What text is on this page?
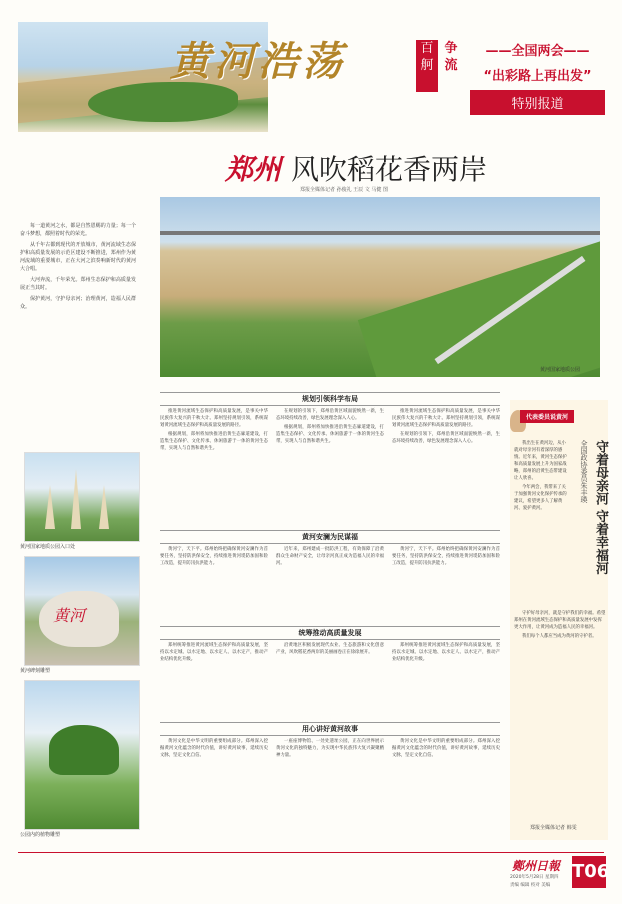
黄河浩荡	百舸
争流
——全国两会——
“出彩路上再出发”
特别报道
郑州 风吹稻花香两岸
郑报全媒体记者 孙俊礼 王辰 文 马健 图
黄河国家地质公园

每一道黄河之水，都是自然恩赐的力量；每一个奋斗梦想，都照着时代的荣光。

从千年古都到现代的开放城市，黄河流域生态保护和高质量发展的示范区建设不断推进，郑州作为黄河流域的重要城市，正在大河之滨奏响新时代的黄河大合唱。

大河奔流，千年荣光。郑州生态保护和高质量发展正当其时。

保护黄河，守护母亲河；治理黄河，造福人民群众。

黄河国家地质公园入口处
黄河
黄河碑刻雕塑
公园内的植物雕塑
规划引领科学布局

推进黄河流域生态保护和高质量发展，是事关中华民族伟大复兴的千秋大计。郑州坚持规划引领，系统谋划黄河流域生态保护和高质量发展的路径。

根据规划，郑州将加快推进沿黄生态廊道建设，打造集生态保护、文化传承、休闲旅游于一体的黄河生态带，实现人与自然和谐共生。

在规划的引领下，郑州沿黄区域面貌焕然一新，生态环境持续改善，绿色发展理念深入人心。

根据规划，郑州将加快推进沿黄生态廊道建设，打造集生态保护、文化传承、休闲旅游于一体的黄河生态带，实现人与自然和谐共生。

推进黄河流域生态保护和高质量发展，是事关中华民族伟大复兴的千秋大计。郑州坚持规划引领，系统谋划黄河流域生态保护和高质量发展的路径。

在规划的引领下，郑州沿黄区域面貌焕然一新，生态环境持续改善，绿色发展理念深入人心。

黄河安澜为民谋福

黄河宁，天下平。郑州始终把确保黄河安澜作为首要任务，坚持防洪保安全，持续推进黄河堤防加固和险工改造，提升防汛抗洪能力。

近年来，郑州建成一批防洪工程，有效保障了沿黄群众生命财产安全，让母亲河真正成为造福人民的幸福河。

黄河宁，天下平。郑州始终把确保黄河安澜作为首要任务，坚持防洪保安全，持续推进黄河堤防加固和险工改造，提升防汛抗洪能力。

统筹推动高质量发展

郑州统筹推进黄河流域生态保护和高质量发展，坚持以水定城、以水定地、以水定人、以水定产，推动产业结构优化升级。

沿黄地区积极发展现代农业、生态旅游和文化创意产业，风吹稻花香两岸的美丽画卷正在徐徐展开。

郑州统筹推进黄河流域生态保护和高质量发展，坚持以水定城、以水定地、以水定人、以水定产，推动产业结构优化升级。

用心讲好黄河故事

黄河文化是中华文明的重要组成部分。郑州深入挖掘黄河文化蕴含的时代价值，讲好黄河故事，延续历史文脉，坚定文化自信。

一座座博物馆、一处处遗址公园，正在向世界展示黄河文化的独特魅力，为实现中华民族伟大复兴凝聚精神力量。

黄河文化是中华文明的重要组成部分。郑州深入挖掘黄河文化蕴含的时代价值，讲好黄河故事，延续历史文脉，坚定文化自信。

代表委员说黄河
守着母亲河 守着幸福河
全国政协委员朱丰瑛

我出生在黄河边，从小就对母亲河有着深厚的感情。近年来，黄河生态保护和高质量发展上升为国家战略，郑州的沿黄生态带建设让人欣喜。

今年两会，我带来了关于加强黄河文化保护传承的建议，希望更多人了解黄河、爱护黄河。

守护好母亲河，就是守护我们的幸福。希望郑州在黄河流域生态保护和高质量发展中发挥更大作用，让黄河成为造福人民的幸福河。

我们每个人都应当成为黄河的守护者。

郑报全媒体记者 韩雯
鄭州日報
2020年5月28日 星期四
责编 编辑 校对 美编
T06
